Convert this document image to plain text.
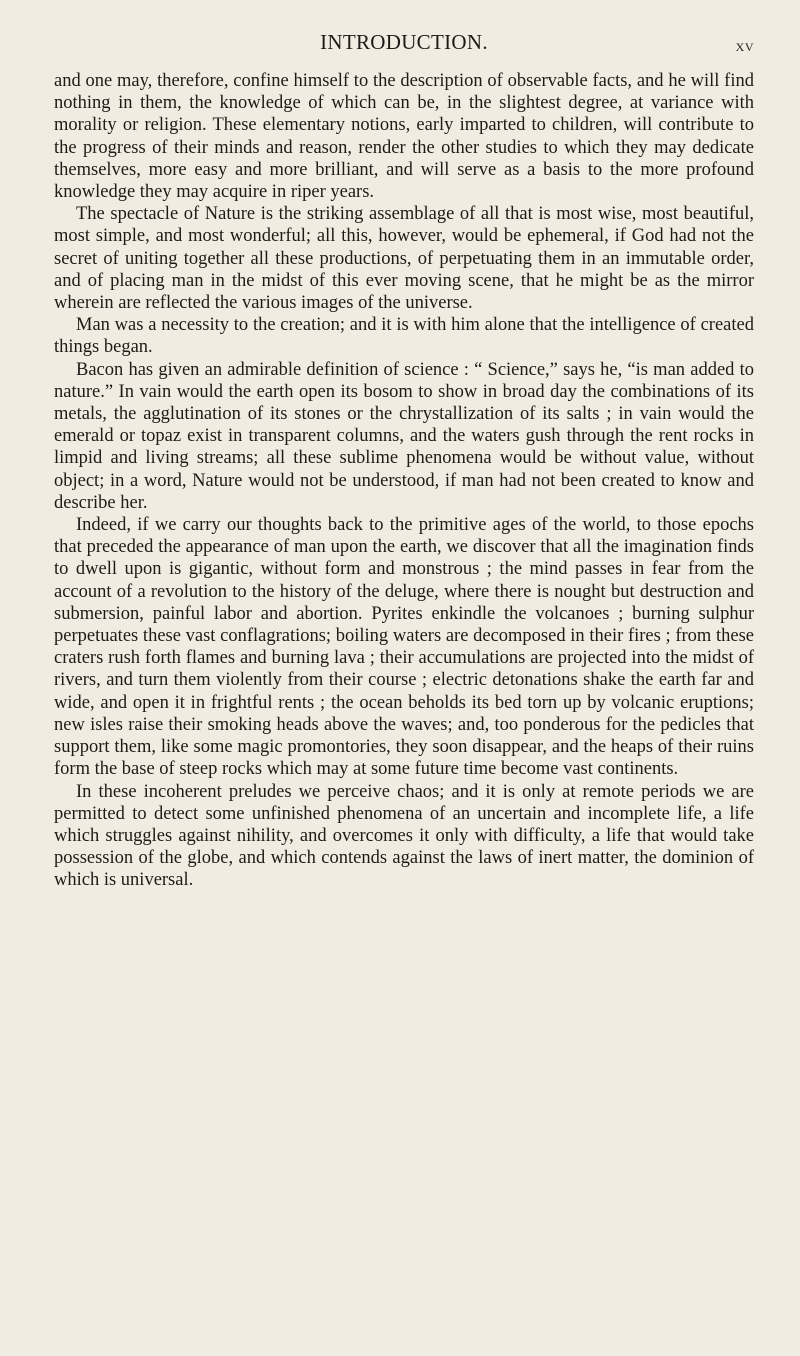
INTRODUCTION.	xv

and one may, therefore, confine himself to the description of observable facts, and he will find nothing in them, the knowledge of which can be, in the slightest degree, at variance with morality or religion. These elementary notions, early imparted to children, will contribute to the progress of their minds and reason, render the other studies to which they may dedicate themselves, more easy and more brilliant, and will serve as a basis to the more profound knowledge they may acquire in riper years.

The spectacle of Nature is the striking assemblage of all that is most wise, most beautiful, most simple, and most wonderful; all this, however, would be ephemeral, if God had not the secret of uniting together all these productions, of perpetuating them in an immutable order, and of placing man in the midst of this ever moving scene, that he might be as the mirror wherein are reflected the various images of the universe.

Man was a necessity to the creation; and it is with him alone that the intelligence of created things began.

Bacon has given an admirable definition of science : “ Science,” says he, “is man added to nature.” In vain would the earth open its bosom to show in broad day the combinations of its metals, the agglutination of its stones or the chrystallization of its salts ; in vain would the emerald or topaz exist in transparent columns, and the waters gush through the rent rocks in limpid and living streams; all these sublime phenomena would be without value, without object; in a word, Nature would not be understood, if man had not been created to know and describe her.

Indeed, if we carry our thoughts back to the primitive ages of the world, to those epochs that preceded the appearance of man upon the earth, we discover that all the imagination finds to dwell upon is gigantic, without form and monstrous ; the mind passes in fear from the account of a revolution to the history of the deluge, where there is nought but destruction and submersion, painful labor and abortion. Pyrites enkindle the volcanoes ; burning sulphur perpetuates these vast conflagrations; boiling waters are decomposed in their fires ; from these craters rush forth flames and burning lava ; their accumulations are projected into the midst of rivers, and turn them violently from their course ; electric detonations shake the earth far and wide, and open it in frightful rents ; the ocean beholds its bed torn up by volcanic eruptions; new isles raise their smoking heads above the waves; and, too ponderous for the pedicles that support them, like some magic promontories, they soon disappear, and the heaps of their ruins form the base of steep rocks which may at some future time become vast continents.

In these incoherent preludes we perceive chaos; and it is only at remote periods we are permitted to detect some unfinished phenomena of an uncertain and incomplete life, a life which struggles against nihility, and overcomes it only with difficulty, a life that would take possession of the globe, and which contends against the laws of inert matter, the dominion of which is universal.
